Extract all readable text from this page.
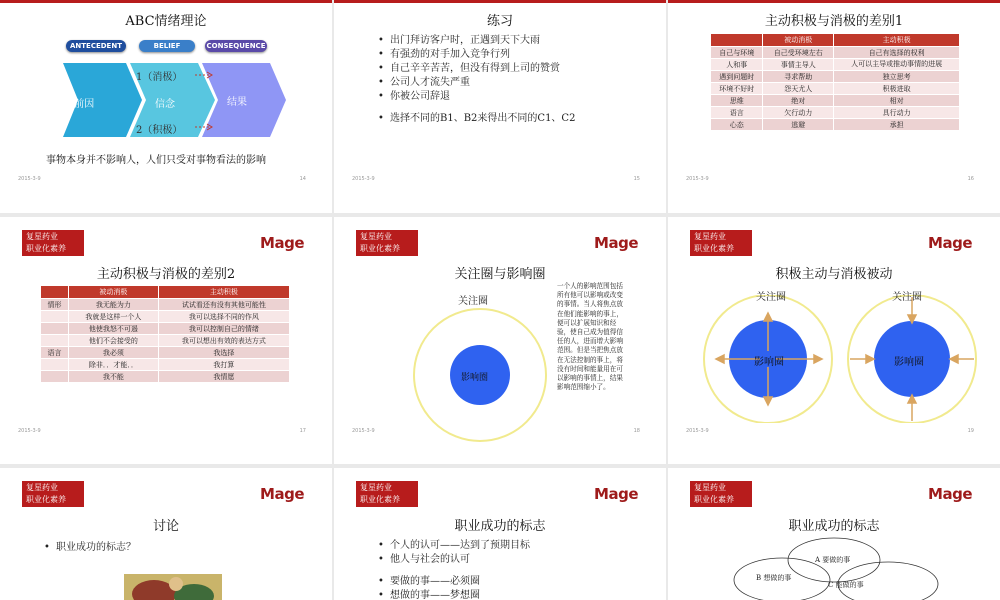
ABC情绪理论
ANTECEDENT	BELIEF	CONSEQUENCE
A前因	信念	结果
1（消极）
2（积极）
事物本身并不影响人，人们只受对事物看法的影响
2015-3-9	14
练习
• 出门拜访客户时，正遇到天下大雨
• 有强劲的对手加入竞争行列
• 自己辛辛苦苦，但没有得到上司的赞赏
• 公司人才流失严重
• 你被公司辞退
• 选择不同的B1、B2来得出不同的C1、C2
2015-3-9	15
主动积极与消极的差别1
	被动消极	主动积极
自己与环境	自己受环境左右	自己有选择的权利
人和事	事情主导人	人可以主导或推动事情的进展
遇到问题时	寻求帮助	独立思考
环境不好时	怨天尤人	积极进取
思维	绝对	相对
语言	欠行动力	具行动力
心态	逃避	承担
2015-3-9	16
复星药业
职业化素养	Mage
主动积极与消极的差别2
	被动消极	主动积极
情形	我无能为力	试试看还有没有其他可能性
	我就是这样一个人	我可以选择不同的作风
	他使我怒不可遏	我可以控制自己的情绪
	他们不会接受的	我可以想出有效的表达方式
语言	我必须	我选择
	除非．．才能．．	我打算
	我不能	我情愿
2015-3-9	17
复星药业
职业化素养	Mage
关注圈与影响圈
关注圈
影响圈
一个人的影响范围包括所有他可以影响或改变的事情。当人将焦点放在他们能影响的事上，便可以扩展知识和经验，使自己成为值得信任的人，进而增大影响范围。但是当把焦点放在无法控制的事上，将没有时间和能量用在可以影响的事情上，结果影响范围缩小了。
2015-3-9	18
复星药业
职业化素养	Mage
积极主动与消极被动
关注圈	关注圈
影响圈	影响圈
2015-3-9	19
复星药业
职业化素养	Mage
讨论
• 职业成功的标志？
复星药业
职业化素养	Mage
职业成功的标志
• 个人的认可——达到了预期目标
• 他人与社会的认可
• 要做的事——必须圈
• 想做的事——梦想圈
复星药业
职业化素养	Mage
职业成功的标志
A 要做的事
B 想做的事
C 能做的事
